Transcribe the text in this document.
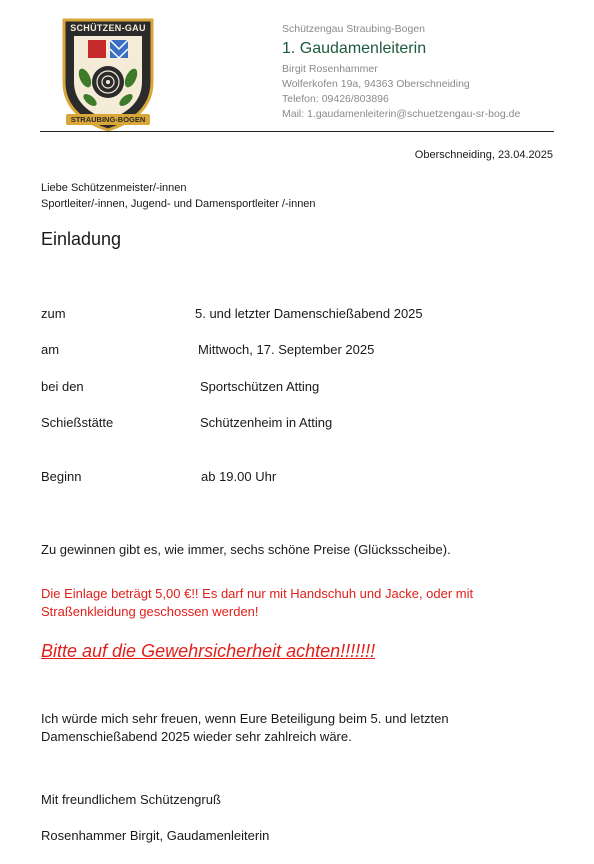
SCHÜTZEN-GAU
STRAUBING-BOGEN
Schützengau Straubing-Bogen
1. Gaudamenleiterin
Birgit Rosenhammer
Wolferkofen 19a, 94363 Oberschneiding
Telefon: 09426/803896
Mail: 1.gaudamenleiterin@schuetzengau-sr-bog.de
Oberschneiding, 23.04.2025
Liebe Schützenmeister/-innen
Sportleiter/-innen, Jugend- und Damensportleiter /-innen
Einladung
zum	5. und letzter Damenschießabend 2025
am	Mittwoch, 17. September 2025
bei den	Sportschützen Atting
Schießstätte	Schützenheim in Atting
Beginn	ab 19.00 Uhr
Zu gewinnen gibt es, wie immer, sechs schöne Preise (Glücksscheibe).
Die Einlage beträgt 5,00 €!! Es darf nur mit Handschuh und Jacke, oder mit
Straßenkleidung geschossen werden!
Bitte auf die Gewehrsicherheit achten!!!!!!!
Ich würde mich sehr freuen, wenn Eure Beteiligung beim 5. und letzten
Damenschießabend 2025 wieder sehr zahlreich wäre.
Mit freundlichem Schützengruß
Rosenhammer Birgit, Gaudamenleiterin
